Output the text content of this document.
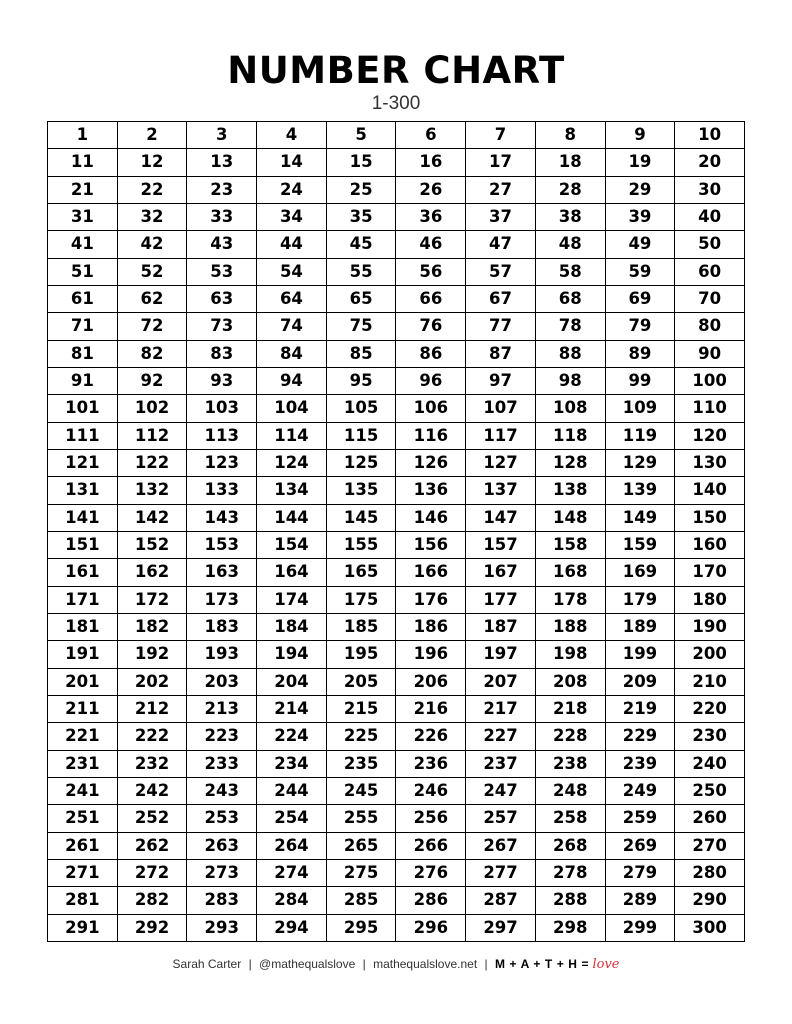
NUMBER CHART
1-300
1	2	3	4	5	6	7	8	9	10
11	12	13	14	15	16	17	18	19	20
21	22	23	24	25	26	27	28	29	30
31	32	33	34	35	36	37	38	39	40
41	42	43	44	45	46	47	48	49	50
51	52	53	54	55	56	57	58	59	60
61	62	63	64	65	66	67	68	69	70
71	72	73	74	75	76	77	78	79	80
81	82	83	84	85	86	87	88	89	90
91	92	93	94	95	96	97	98	99	100
101	102	103	104	105	106	107	108	109	110
111	112	113	114	115	116	117	118	119	120
121	122	123	124	125	126	127	128	129	130
131	132	133	134	135	136	137	138	139	140
141	142	143	144	145	146	147	148	149	150
151	152	153	154	155	156	157	158	159	160
161	162	163	164	165	166	167	168	169	170
171	172	173	174	175	176	177	178	179	180
181	182	183	184	185	186	187	188	189	190
191	192	193	194	195	196	197	198	199	200
201	202	203	204	205	206	207	208	209	210
211	212	213	214	215	216	217	218	219	220
221	222	223	224	225	226	227	228	229	230
231	232	233	234	235	236	237	238	239	240
241	242	243	244	245	246	247	248	249	250
251	252	253	254	255	256	257	258	259	260
261	262	263	264	265	266	267	268	269	270
271	272	273	274	275	276	277	278	279	280
281	282	283	284	285	286	287	288	289	290
291	292	293	294	295	296	297	298	299	300
Sarah Carter | @mathequalslove | mathequalslove.net | M + A + T + H = love
